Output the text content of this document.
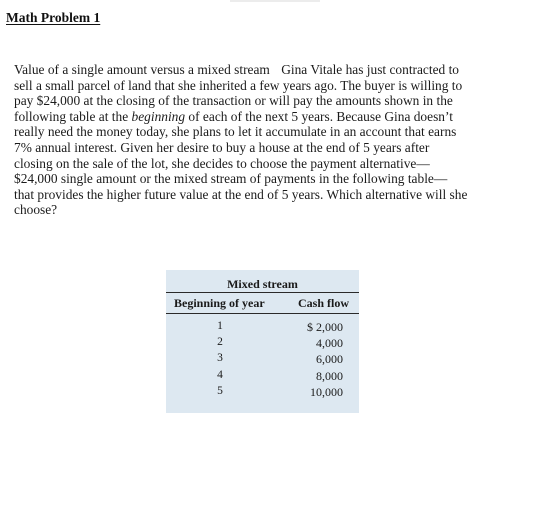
Math Problem 1

Value of a single amount versus a mixed stream Gina Vitale has just contracted to
sell a small parcel of land that she inherited a few years ago. The buyer is willing to
pay $24,000 at the closing of the transaction or will pay the amounts shown in the
following table at the beginning of each of the next 5 years. Because Gina doesn’t
really need the money today, she plans to let it accumulate in an account that earns
7% annual interest. Given her desire to buy a house at the end of 5 years after
closing on the sale of the lot, she decides to choose the payment alternative—
$24,000 single amount or the mixed stream of payments in the following table—
that provides the higher future value at the end of 5 years. Which alternative will she
choose?

Mixed stream
Beginning of year	Cash flow
1	$ 2,000
2	4,000
3	6,000
4	8,000
5	10,000
